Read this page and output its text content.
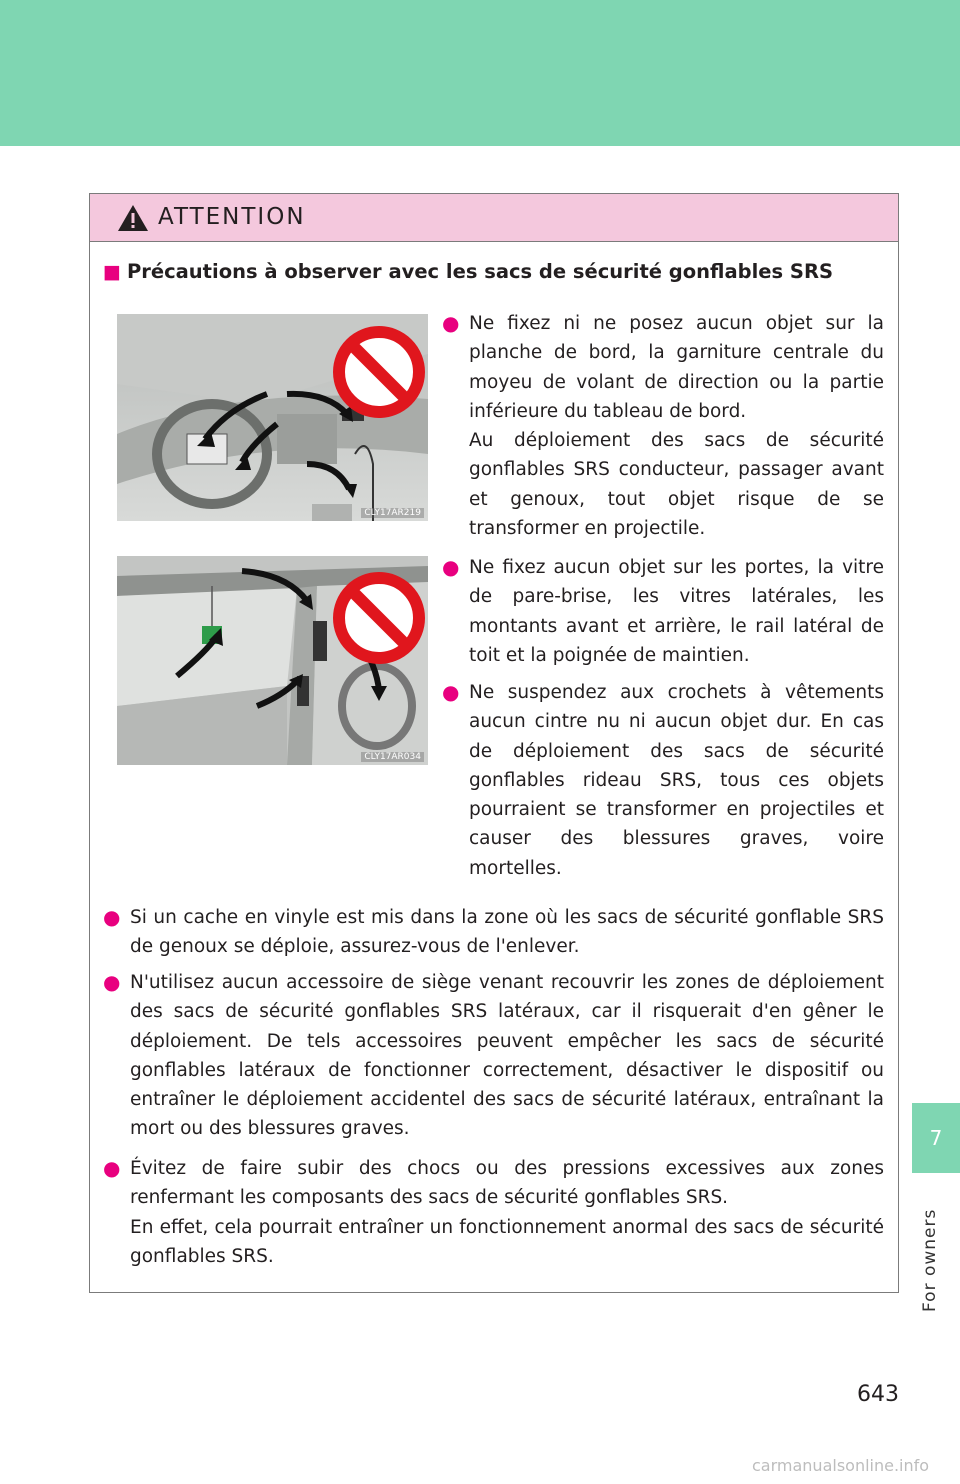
7
For owners
ATTENTION
■ Précautions à observer avec les sacs de sécurité gonflables SRS
CLY17AR219
CLY17AR034
● Ne fixez ni ne posez aucun objet sur la planche de bord, la garniture centrale du moyeu de volant de direction ou la partie inférieure du tableau de bord.
Au déploiement des sacs de sécurité gonflables SRS conducteur, passager avant et genoux, tout objet risque de se transformer en projectile.
● Ne fixez aucun objet sur les portes, la vitre de pare-brise, les vitres latérales, les montants avant et arrière, le rail latéral de toit et la poignée de maintien.
● Ne suspendez aux crochets à vêtements aucun cintre nu ni aucun objet dur. En cas de déploiement des sacs de sécurité gonflables rideau SRS, tous ces objets pourraient se transformer en projectiles et causer des blessures graves, voire mortelles.
● Si un cache en vinyle est mis dans la zone où les sacs de sécurité gonflable SRS de genoux se déploie, assurez-vous de l'enlever.
● N'utilisez aucun accessoire de siège venant recouvrir les zones de déploiement des sacs de sécurité gonflables SRS latéraux, car il risquerait d'en gêner le déploiement. De tels accessoires peuvent empêcher les sacs de sécurité gonflables latéraux de fonctionner correctement, désactiver le dispositif ou entraîner le déploiement accidentel des sacs de sécurité latéraux, entraînant la mort ou des blessures graves.
● Évitez de faire subir des chocs ou des pressions excessives aux zones renfermant les composants des sacs de sécurité gonflables SRS.
En effet, cela pourrait entraîner un fonctionnement anormal des sacs de sécurité gonflables SRS.
643
carmanualsonline.info
